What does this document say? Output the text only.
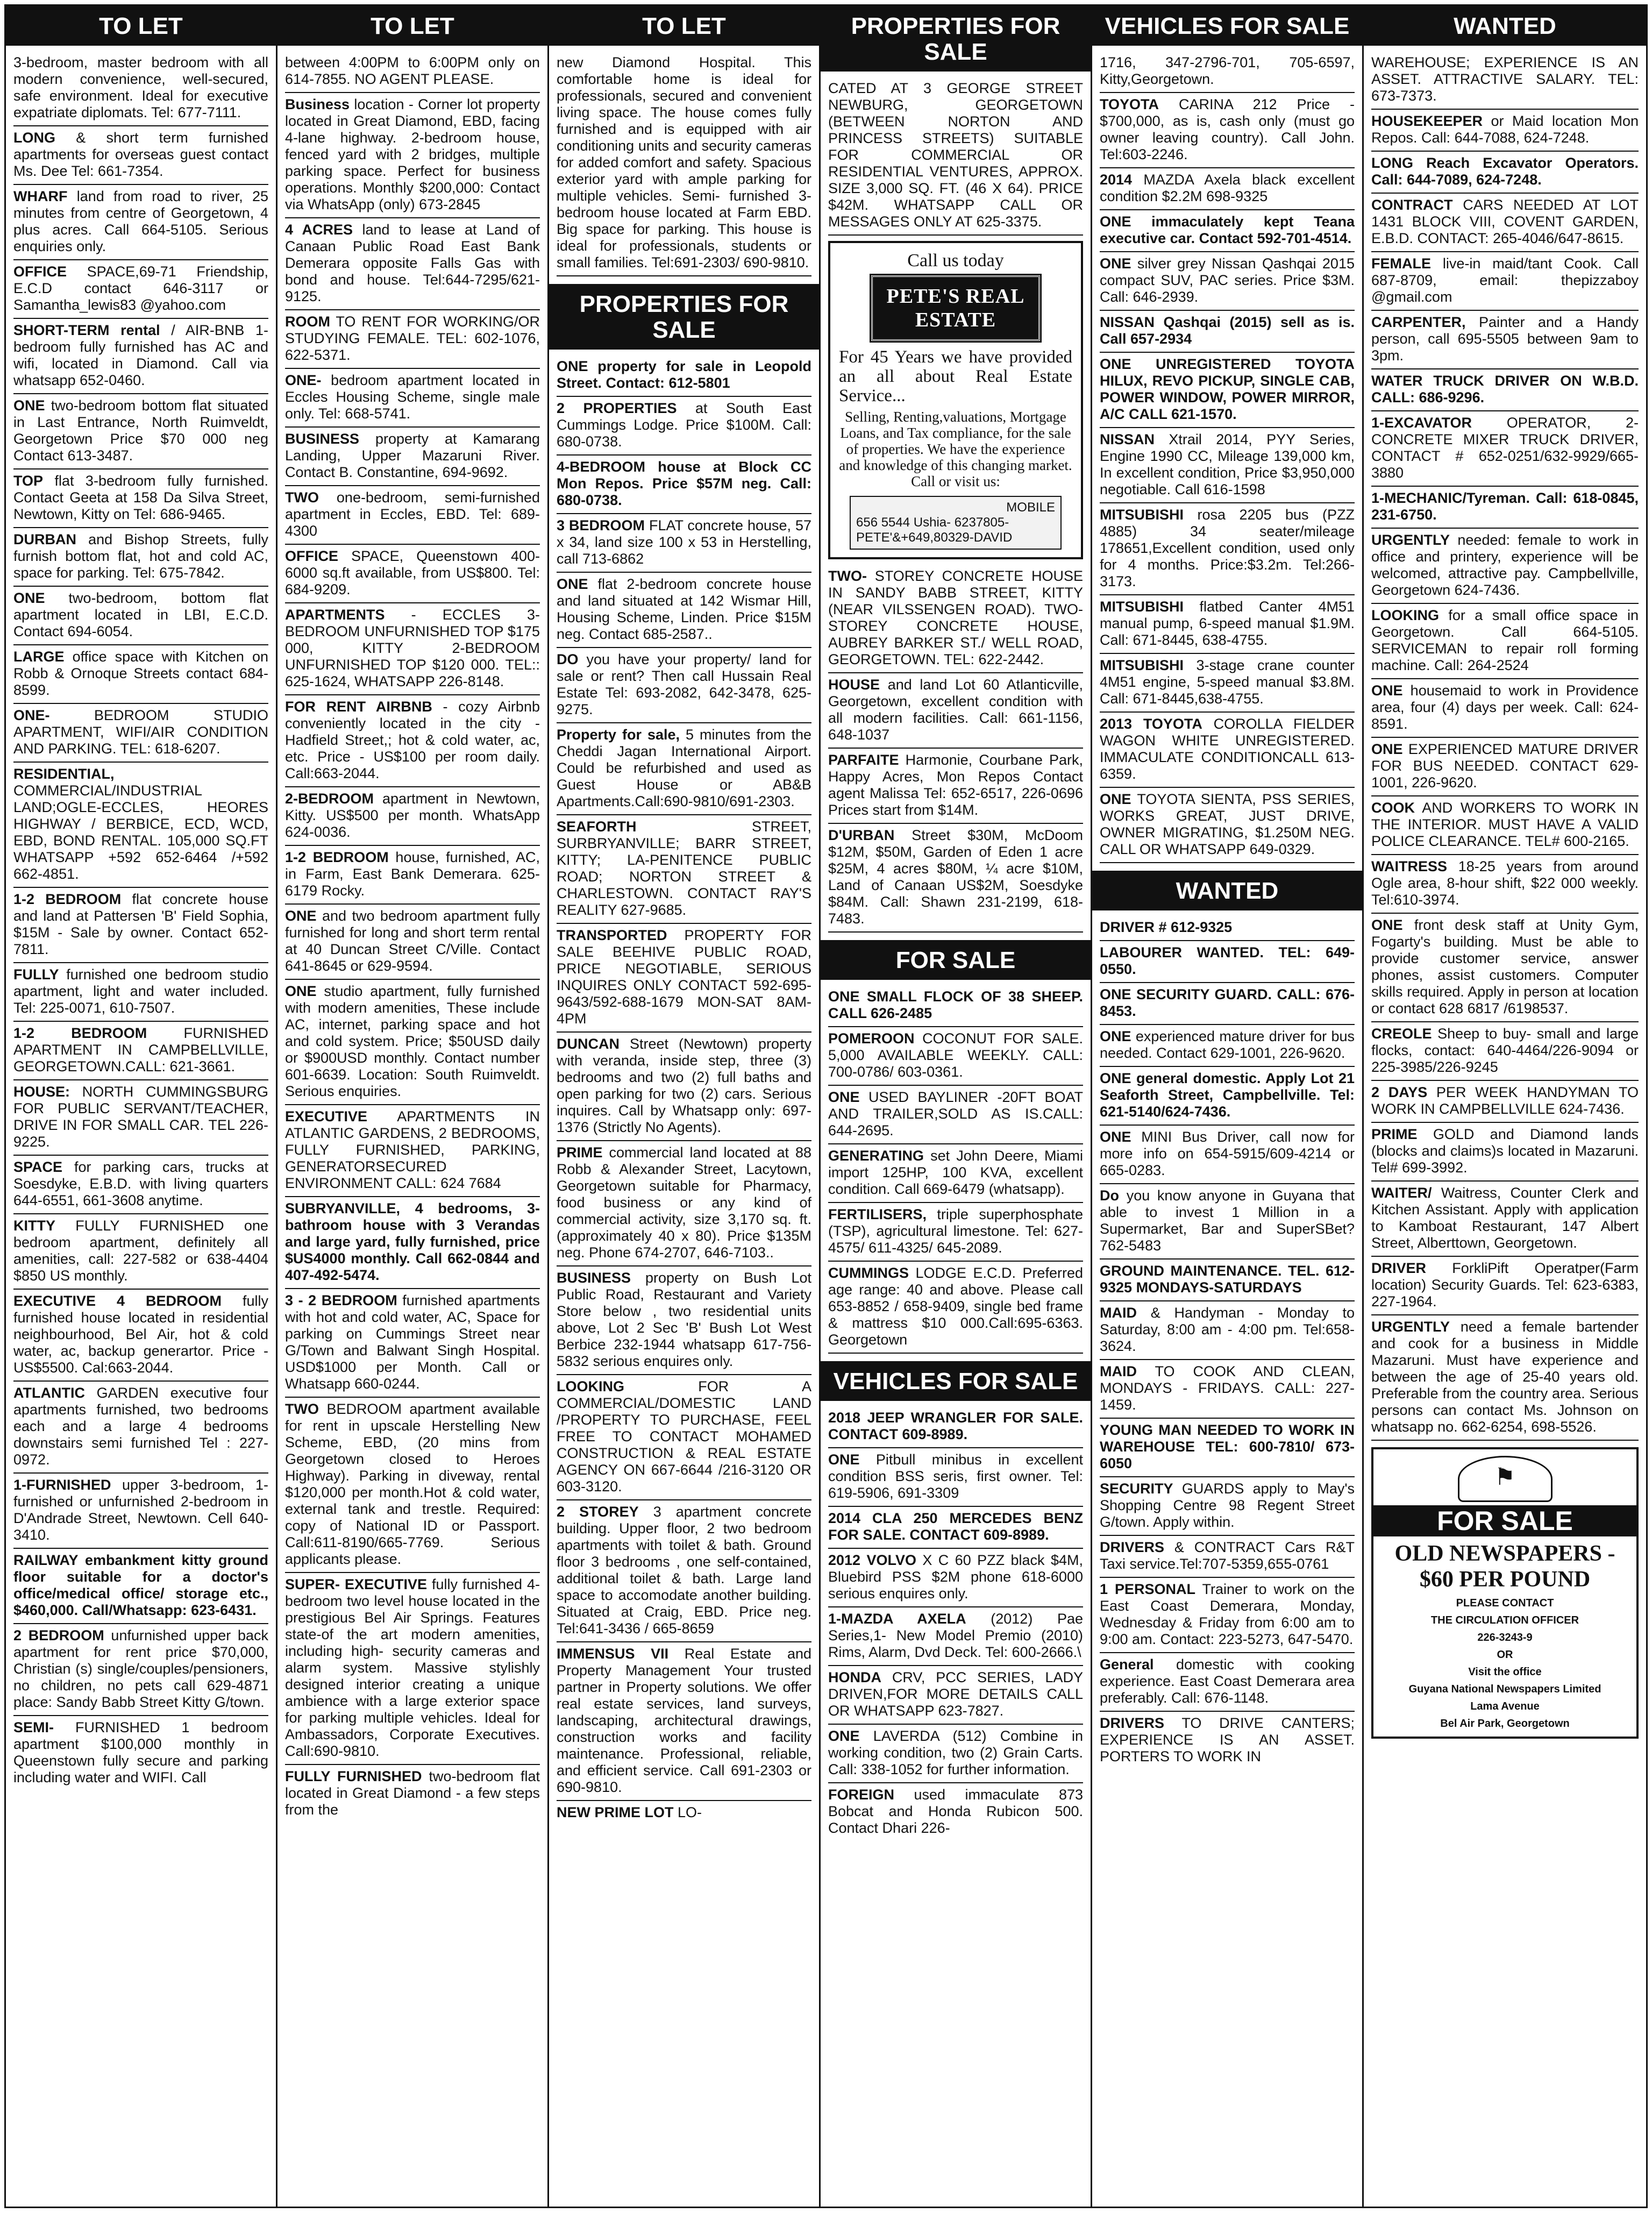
TO LET
3-bedroom, master bedroom with all modern convenience, well-secured, safe environment. Ideal for executive expatriate diplomats. Tel: 677-7111.
LONG & short term furnished apartments for overseas guest contact Ms. Dee Tel: 661-7354.
WHARF land from road to river, 25 minutes from centre of Georgetown, 4 plus acres. Call 664-5105. Serious enquiries only.
OFFICE SPACE,69-71 Friendship, E.C.D contact 646-3117 or Samantha_lewis83 @yahoo.com
SHORT-TERM rental / AIR-BNB 1-bedroom fully furnished has AC and wifi, located in Diamond. Call via whatsapp 652-0460.
ONE two-bedroom bottom flat situated in Last Entrance, North Ruimveldt, Georgetown Price $70 000 neg Contact 613-3487.
TOP flat 3-bedroom fully furnished. Contact Geeta at 158 Da Silva Street, Newtown, Kitty on Tel: 686-9465.
DURBAN and Bishop Streets, fully furnish bottom flat, hot and cold AC, space for parking. Tel: 675-7842.
ONE two-bedroom, bottom flat apartment located in LBI, E.C.D. Contact 694-6054.
LARGE office space with Kitchen on Robb & Ornoque Streets contact 684-8599.
ONE-	BEDROOM STUDIO APARTMENT, WIFI/AIR CONDITION AND PARKING. TEL: 618-6207.
RESIDENTIAL, COMMERCIAL/INDUSTRIAL LAND;OGLE-ECCLES, HEORES HIGHWAY / BERBICE, ECD, WCD, EBD, BOND RENTAL. 105,000 SQ.FT WHATSAPP +592 652-6464 /+592 662-4851.
1-2 BEDROOM flat concrete house and land at Pattersen 'B' Field Sophia, $15M - Sale by owner. Contact 652-7811.
FULLY furnished one bedroom studio apartment, light and water included. Tel: 225-0071, 610-7507.
1-2 BEDROOM	FURNISHED APARTMENT IN CAMPBELLVILLE, GEORGETOWN.CALL: 621-3661.
HOUSE: NORTH CUMMINGSBURG FOR PUBLIC SERVANT/TEACHER, DRIVE IN FOR SMALL CAR. TEL 226-9225.
SPACE for parking cars, trucks at Soesdyke, E.B.D. with living quarters 644-6551, 661-3608 anytime.
KITTY FULLY FURNISHED one bedroom apartment, definitely all amenities, call: 227-582 or 638-4404 $850 US monthly.
EXECUTIVE 4 BEDROOM fully furnished house located in residential neighbourhood, Bel Air, hot & cold water, ac, backup generartor. Price - US$5500. Cal:663-2044.
ATLANTIC GARDEN executive four apartments furnished, two bedrooms each and a large 4 bedrooms downstairs semi furnished Tel : 227-0972.
1-FURNISHED upper 3-bedroom, 1-furnished or unfurnished 2-bedroom in D'Andrade Street, Newtown. Cell 640-3410.
RAILWAY embankment kitty ground floor suitable for a doctor's office/medical office/ storage etc., $460,000. Call/Whatsapp: 623-6431.
2 BEDROOM unfurnished upper back apartment for rent price $70,000, Christian (s) single/couples/pensioners, no children, no pets call 629-4871 place: Sandy Babb Street Kitty G/town.
SEMI- FURNISHED 1 bedroom apartment $100,000 monthly in Queenstown fully secure and parking including water and WIFI. Call
TO LET
between 4:00PM to 6:00PM only on 614-7855. NO AGENT PLEASE.
Business location - Corner lot property located in Great Diamond, EBD, facing 4-lane highway. 2-bedroom house, fenced yard with 2 bridges, multiple parking space. Perfect for business operations. Monthly $200,000: Contact via WhatsApp (only) 673-2845
4 ACRES land to lease at Land of Canaan Public Road East Bank Demerara opposite Falls Gas with bond and house. Tel:644-7295/621-9125.
ROOM TO RENT FOR WORKING/OR STUDYING FEMALE. TEL: 602-1076, 622-5371.
ONE- bedroom apartment located in Eccles Housing Scheme, single male only. Tel: 668-5741.
BUSINESS property at Kamarang Landing, Upper Mazaruni River. Contact B. Constantine, 694-9692.
TWO one-bedroom, semi-furnished apartment in Eccles, EBD. Tel: 689-4300
OFFICE SPACE, Queenstown 400-6000 sq.ft available, from US$800. Tel: 684-9209.
APARTMENTS - ECCLES 3-BEDROOM UNFURNISHED TOP $175 000, KITTY 2-BEDROOM UNFURNISHED TOP $120 000. TEL:: 625-1624, WHATSAPP 226-8148.
FOR RENT AIRBNB - cozy Airbnb conveniently located in the city - Hadfield Street,; hot & cold water, ac, etc. Price - US$100 per room daily. Call:663-2044.
2-BEDROOM apartment in Newtown, Kitty. US$500 per month. WhatsApp 624-0036.
1-2 BEDROOM house, furnished, AC, in Farm, East Bank Demerara. 625-6179 Rocky.
ONE and two bedroom apartment fully furnished for long and short term rental at 40 Duncan Street C/Ville. Contact 641-8645 or 629-9594.
ONE studio apartment, fully furnished with modern amenities, These include AC, internet, parking space and hot and cold system. Price; $50USD daily or $900USD monthly. Contact number 601-6639. Location: South Ruimveldt. Serious enquiries.
EXECUTIVE APARTMENTS IN ATLANTIC GARDENS, 2 BEDROOMS, FULLY FURNISHED, PARKING, GENERATORSECURED ENVIRONMENT CALL: 624 7684
SUBRYANVILLE, 4 bedrooms, 3-bathroom house with 3 Verandas and large yard, fully furnished, price $US4000 monthly. Call 662-0844 and 407-492-5474.
3 - 2 BEDROOM furnished apartments with hot and cold water, AC, Space for parking on Cummings Street near G/Town and Balwant Singh Hospital. USD$1000 per Month. Call or Whatsapp 660-0244.
TWO BEDROOM apartment available for rent in upscale Herstelling New Scheme, EBD, (20 mins from Georgetown closed to Heroes Highway). Parking in diveway, rental $120,000 per month.Hot & cold water, external tank and trestle. Required: copy of National ID or Passport. Call:611-8190/665-7769. Serious applicants please.
SUPER- EXECUTIVE fully furnished 4-bedroom two level house located in the prestigious Bel Air Springs. Features state-of the art modern amenities, including high- security cameras and alarm system. Massive stylishly designed interior creating a unique ambience with a large exterior space for parking multiple vehicles. Ideal for Ambassadors, Corporate Executives. Call:690-9810.
FULLY FURNISHED two-bedroom flat located in Great Diamond - a few steps from the
TO LET
new Diamond Hospital. This comfortable home is ideal for professionals, secured and convenient living space. The house comes fully furnished and is equipped with air conditioning units and security cameras for added comfort and safety. Spacious exterior yard with ample parking for multiple vehicles. Semi- furnished 3-bedroom house located at Farm EBD. Big space for parking. This house is ideal for professionals, students or small families. Tel:691-2303/ 690-9810.
PROPERTIES FOR SALE
ONE property for sale in Leopold Street. Contact: 612-5801
2 PROPERTIES at South East Cummings Lodge. Price $100M. Call: 680-0738.
4-BEDROOM house at Block CC Mon Repos. Price $57M neg. Call: 680-0738.
3 BEDROOM FLAT concrete house, 57 x 34, land size 100 x 53 in Herstelling, call 713-6862
ONE flat 2-bedroom concrete house and land situated at 142 Wismar Hill, Housing Scheme, Linden. Price $15M neg. Contact 685-2587..
DO you have your property/ land for sale or rent? Then call Hussain Real Estate Tel: 693-2082, 642-3478, 625-9275.
Property for sale, 5 minutes from the Cheddi Jagan International Airport. Could be refurbished and used as Guest House or AB&B Apartments.Call:690-9810/691-2303.
SEAFORTH	STREET, SURBRYANVILLE; BARR STREET, KITTY; LA-PENITENCE PUBLIC ROAD; NORTON STREET & CHARLESTOWN. CONTACT RAY'S REALITY 627-9685.
TRANSPORTED PROPERTY FOR SALE BEEHIVE PUBLIC ROAD, PRICE NEGOTIABLE, SERIOUS INQUIRES ONLY CONTACT 592-695-9643/592-688-1679 MON-SAT 8AM-4PM
DUNCAN Street (Newtown) property with veranda, inside step, three (3) bedrooms and two (2) full baths and open parking for two (2) cars. Serious inquires. Call by Whatsapp only: 697-1376 (Strictly No Agents).
PRIME commercial land located at 88 Robb & Alexander Street, Lacytown, Georgetown suitable for Pharmacy, food business or any kind of commercial activity, size 3,170 sq. ft. (approximately 40 x 80). Price $135M neg. Phone 674-2707, 646-7103..
BUSINESS property on Bush Lot Public Road, Restaurant and Variety Store below , two residential units above, Lot 2 Sec 'B' Bush Lot West Berbice 232-1944 whatsapp 617-756-5832 serious enquires only.
LOOKING	FOR A COMMERCIAL/DOMESTIC LAND /PROPERTY TO PURCHASE, FEEL FREE TO CONTACT MOHAMED CONSTRUCTION & REAL ESTATE AGENCY ON 667-6644 /216-3120 OR 603-3120.
2 STOREY 3 apartment concrete building. Upper floor, 2 two bedroom apartments with toilet & bath. Ground floor 3 bedrooms , one self-contained, additional toilet & bath. Large land space to accomodate another building. Situated at Craig, EBD. Price neg. Tel:641-3436 / 665-8659
IMMENSUS VII Real Estate and Property Management Your trusted partner in Property solutions. We offer real estate services, land surveys, landscaping, architectural drawings, construction works and facility maintenance. Professional, reliable, and efficient service. Call 691-2303 or 690-9810.
NEW PRIME LOT LO-
PROPERTIES FOR SALE
CATED AT 3 GEORGE STREET NEWBURG, GEORGETOWN (BETWEEN NORTON AND PRINCESS STREETS) SUITABLE FOR COMMERCIAL OR RESIDENTIAL VENTURES, APPROX. SIZE 3,000 SQ. FT. (46 X 64). PRICE $42M. WHATSAPP CALL OR MESSAGES ONLY AT 625-3375.
Call us today
PETE'S REAL ESTATE
For 45 Years we have provided an all about Real Estate Service...
Selling, Renting,valuations, Mortgage Loans, and Tax compliance, for the sale of properties. We have the experience and knowledge of this changing market. Call or visit us:
MOBILE
656 5544 Ushia- 6237805- PETE'&+649,80329-DAVID
TWO- STOREY CONCRETE HOUSE IN SANDY BABB STREET, KITTY (NEAR VILSSENGEN ROAD). TWO-STOREY CONCRETE HOUSE, AUBREY BARKER ST./ WELL ROAD, GEORGETOWN. TEL: 622-2442.
HOUSE and land Lot 60 Atlanticville, Georgetown, excellent condition with all modern facilities. Call: 661-1156, 648-1037
PARFAITE Harmonie, Courbane Park, Happy Acres, Mon Repos Contact agent Malissa Tel: 652-6517, 226-0696 Prices start from $14M.
D'URBAN Street $30M, McDoom $12M, $50M, Garden of Eden 1 acre $25M, 4 acres $80M, ¼ acre $10M, Land of Canaan US$2M, Soesdyke $84M. Call: Shawn 231-2199, 618-7483.
FOR SALE
ONE SMALL FLOCK OF 38 SHEEP. CALL 626-2485
POMEROON COCONUT FOR SALE. 5,000 AVAILABLE WEEKLY. CALL: 700-0786/ 603-0361.
ONE USED BAYLINER -20FT BOAT AND TRAILER,SOLD AS IS.CALL: 644-2695.
GENERATING set John Deere, Miami import 125HP, 100 KVA, excellent condition. Call 669-6479 (whatsapp).
FERTILISERS, triple superphosphate (TSP), agricultural limestone. Tel: 627-4575/ 611-4325/ 645-2089.
CUMMINGS LODGE E.C.D. Preferred age range: 40 and above. Please call 653-8852 / 658-9409, single bed frame & mattress $10 000.Call:695-6363. Georgetown
VEHICLES FOR SALE
2018 JEEP WRANGLER FOR SALE. CONTACT 609-8989.
ONE Pitbull minibus in excellent condition BSS seris, first owner. Tel: 619-5906, 691-3309
2014 CLA 250 MERCEDES BENZ FOR SALE. CONTACT 609-8989.
2012 VOLVO X C 60 PZZ black $4M, Bluebird PSS $2M phone 618-6000 serious enquires only.
1-MAZDA AXELA (2012) Pae Series,1- New Model Premio (2010) Rims, Alarm, Dvd Deck. Tel: 600-2666.\
HONDA CRV, PCC SERIES, LADY DRIVEN,FOR MORE DETAILS CALL OR WHATSAPP 623-7827.
ONE LAVERDA (512) Combine in working condition, two (2) Grain Carts. Call: 338-1052 for further information.
FOREIGN used immaculate 873 Bobcat and Honda Rubicon 500. Contact Dhari 226-
VEHICLES FOR SALE
1716, 347-2796-701, 705-6597, Kitty,Georgetown.
TOYOTA CARINA 212 Price - $700,000, as is, cash only (must go owner leaving country). Call John. Tel:603-2246.
2014 MAZDA Axela black excellent condition $2.2M 698-9325
ONE immaculately kept Teana executive car. Contact 592-701-4514.
ONE silver grey Nissan Qashqai 2015 compact SUV, PAC series. Price $3M. Call: 646-2939.
NISSAN Qashqai (2015) sell as is. Call 657-2934
ONE UNREGISTERED TOYOTA HILUX, REVO PICKUP, SINGLE CAB, POWER WINDOW, POWER MIRROR, A/C CALL 621-1570.
NISSAN Xtrail 2014, PYY Series, Engine 1990 CC, Mileage 139,000 km, In excellent condition, Price $3,950,000 negotiable. Call 616-1598
MITSUBISHI rosa 2205 bus (PZZ 4885) 34 seater/mileage 178651,Excellent condition, used only for 4 months. Price:$3.2m. Tel:266-3173.
MITSUBISHI flatbed Canter 4M51 manual pump, 6-speed manual $1.9M. Call: 671-8445, 638-4755.
MITSUBISHI 3-stage crane counter 4M51 engine, 5-speed manual $3.8M. Call: 671-8445,638-4755.
2013 TOYOTA COROLLA FIELDER WAGON WHITE UNREGISTERED. IMMACULATE CONDITIONCALL 613-6359.
ONE TOYOTA SIENTA, PSS SERIES, WORKS GREAT, JUST DRIVE, OWNER MIGRATING, $1.250M NEG. CALL OR WHATSAPP 649-0329.
WANTED
DRIVER # 612-9325
LABOURER WANTED. TEL: 649-0550.
ONE SECURITY GUARD. CALL: 676-8453.
ONE experienced mature driver for bus needed. Contact 629-1001, 226-9620.
ONE general domestic. Apply Lot 21 Seaforth Street, Campbellville. Tel: 621-5140/624-7436.
ONE MINI Bus Driver, call now for more info on 654-5915/609-4214 or 665-0283.
Do you know anyone in Guyana that able to invest 1 Million in a Supermarket, Bar and SuperSBet? 762-5483
GROUND MAINTENANCE. TEL. 612-9325 MONDAYS-SATURDAYS
MAID & Handyman - Monday to Saturday, 8:00 am - 4:00 pm. Tel:658-3624.
MAID TO COOK AND CLEAN, MONDAYS - FRIDAYS. CALL: 227-1459.
YOUNG MAN NEEDED TO WORK IN WAREHOUSE TEL: 600-7810/ 673-6050
SECURITY GUARDS apply to May's Shopping Centre 98 Regent Street G/town. Apply within.
DRIVERS & CONTRACT Cars R&T Taxi service.Tel:707-5359,655-0761
1 PERSONAL Trainer to work on the East Coast Demerara, Monday, Wednesday & Friday from 6:00 am to 9:00 am. Contact: 223-5273, 647-5470.
General domestic with cooking experience. East Coast Demerara area preferably. Call: 676-1148.
DRIVERS TO DRIVE CANTERS; EXPERIENCE IS AN ASSET. PORTERS TO WORK IN
WANTED
WAREHOUSE; EXPERIENCE IS AN ASSET. ATTRACTIVE SALARY. TEL: 673-7373.
HOUSEKEEPER or Maid location Mon Repos. Call: 644-7088, 624-7248.
LONG Reach Excavator Operators. Call: 644-7089, 624-7248.
CONTRACT CARS NEEDED AT LOT 1431 BLOCK VIII, COVENT GARDEN, E.B.D. CONTACT: 265-4046/647-8615.
FEMALE live-in maid/tant Cook. Call 687-8709, email: thepizzaboy @gmail.com
CARPENTER, Painter and a Handy person, call 695-5505 between 9am to 3pm.
WATER TRUCK DRIVER ON W.B.D. CALL: 686-9296.
1-EXCAVATOR OPERATOR, 2- CONCRETE MIXER TRUCK DRIVER, CONTACT # 652-0251/632-9929/665-3880
1-MECHANIC/Tyreman. Call: 618-0845, 231-6750.
URGENTLY needed: female to work in office and printery, experience will be welcomed, attractive pay. Campbellville, Georgetown 624-7436.
LOOKING for a small office space in Georgetown. Call 664-5105. SERVICEMAN to repair roll forming machine. Call: 264-2524
ONE housemaid to work in Providence area, four (4) days per week. Call: 624-8591.
ONE EXPERIENCED MATURE DRIVER FOR BUS NEEDED. CONTACT 629-1001, 226-9620.
COOK AND WORKERS TO WORK IN THE INTERIOR. MUST HAVE A VALID POLICE CLEARANCE. TEL# 600-2165.
WAITRESS 18-25 years from around Ogle area, 8-hour shift, $22 000 weekly. Tel:610-3974.
ONE front desk staff at Unity Gym, Fogarty's building. Must be able to provide customer service, answer phones, assist customers. Computer skills required. Apply in person at location or contact 628 6817 /6198537.
CREOLE Sheep to buy- small and large flocks, contact: 640-4464/226-9094 or 225-3985/226-9245
2 DAYS PER WEEK HANDYMAN TO WORK IN CAMPBELLVILLE 624-7436.
PRIME GOLD and Diamond lands (blocks and claims)s located in Mazaruni. Tel# 699-3992.
WAITER/ Waitress, Counter Clerk and Kitchen Assistant. Apply with application to Kamboat Restaurant, 147 Albert Street, Alberttown, Georgetown.
DRIVER ForkliPift Operatper(Farm location) Security Guards. Tel: 623-6383, 227-1964.
URGENTLY need a female bartender and cook for a business in Middle Mazaruni. Must have experience and between the age of 25-40 years old. Preferable from the country area. Serious persons can contact Ms. Johnson on whatsapp no. 662-6254, 698-5526.
⚑
FOR SALE
OLD NEWSPAPERS - $60 PER POUND
PLEASE CONTACT
THE CIRCULATION OFFICER
226-3243-9
OR
Visit the office
Guyana National Newspapers Limited
Lama Avenue
Bel Air Park, Georgetown
